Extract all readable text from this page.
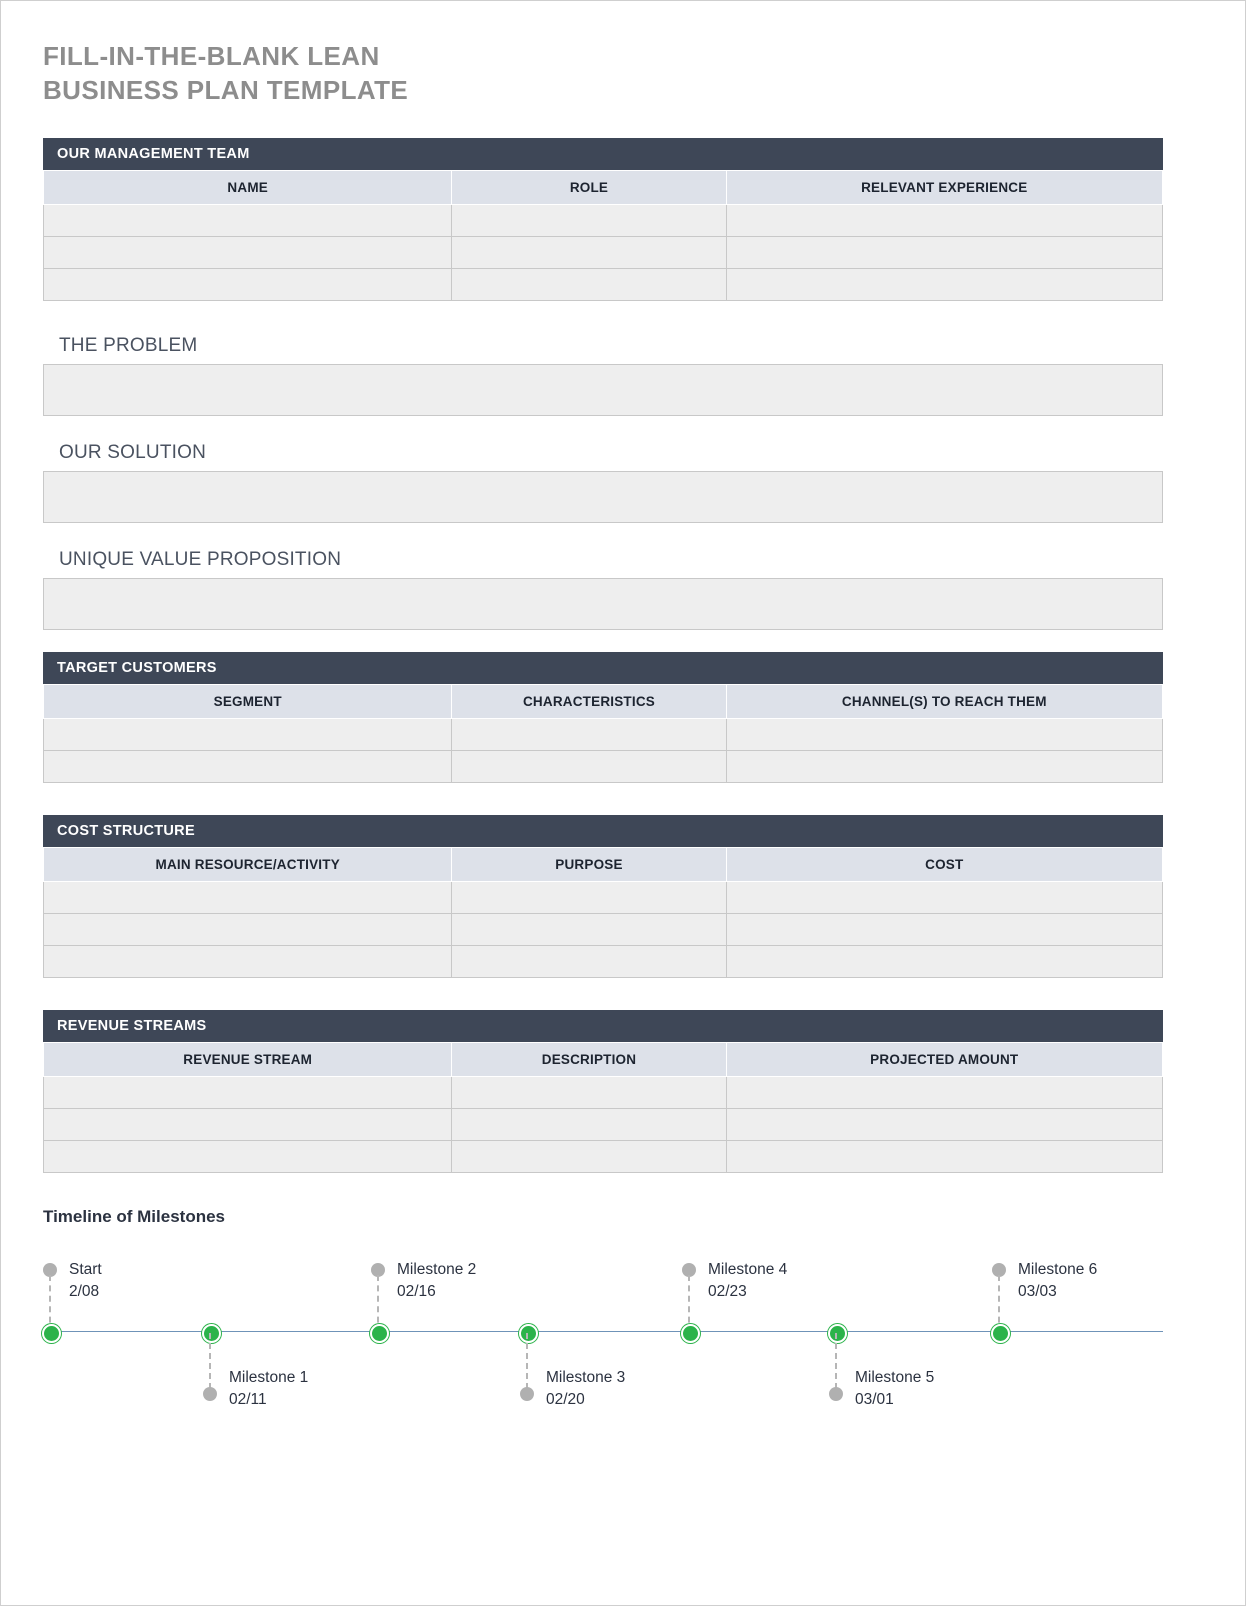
FILL-IN-THE-BLANK LEAN
BUSINESS PLAN TEMPLATE
OUR MANAGEMENT TEAM
NAME	ROLE	RELEVANT EXPERIENCE

THE PROBLEM
OUR SOLUTION
UNIQUE VALUE PROPOSITION
TARGET CUSTOMERS
SEGMENT	CHARACTERISTICS	CHANNEL(S) TO REACH THEM

COST STRUCTURE
MAIN RESOURCE/ACTIVITY	PURPOSE	COST

REVENUE STREAMS
REVENUE STREAM	DESCRIPTION	PROJECTED AMOUNT

Timeline of Milestones
Start
2/08
Milestone 1
02/11
Milestone 2
02/16
Milestone 3
02/20
Milestone 4
02/23
Milestone 5
03/01
Milestone 6
03/03
